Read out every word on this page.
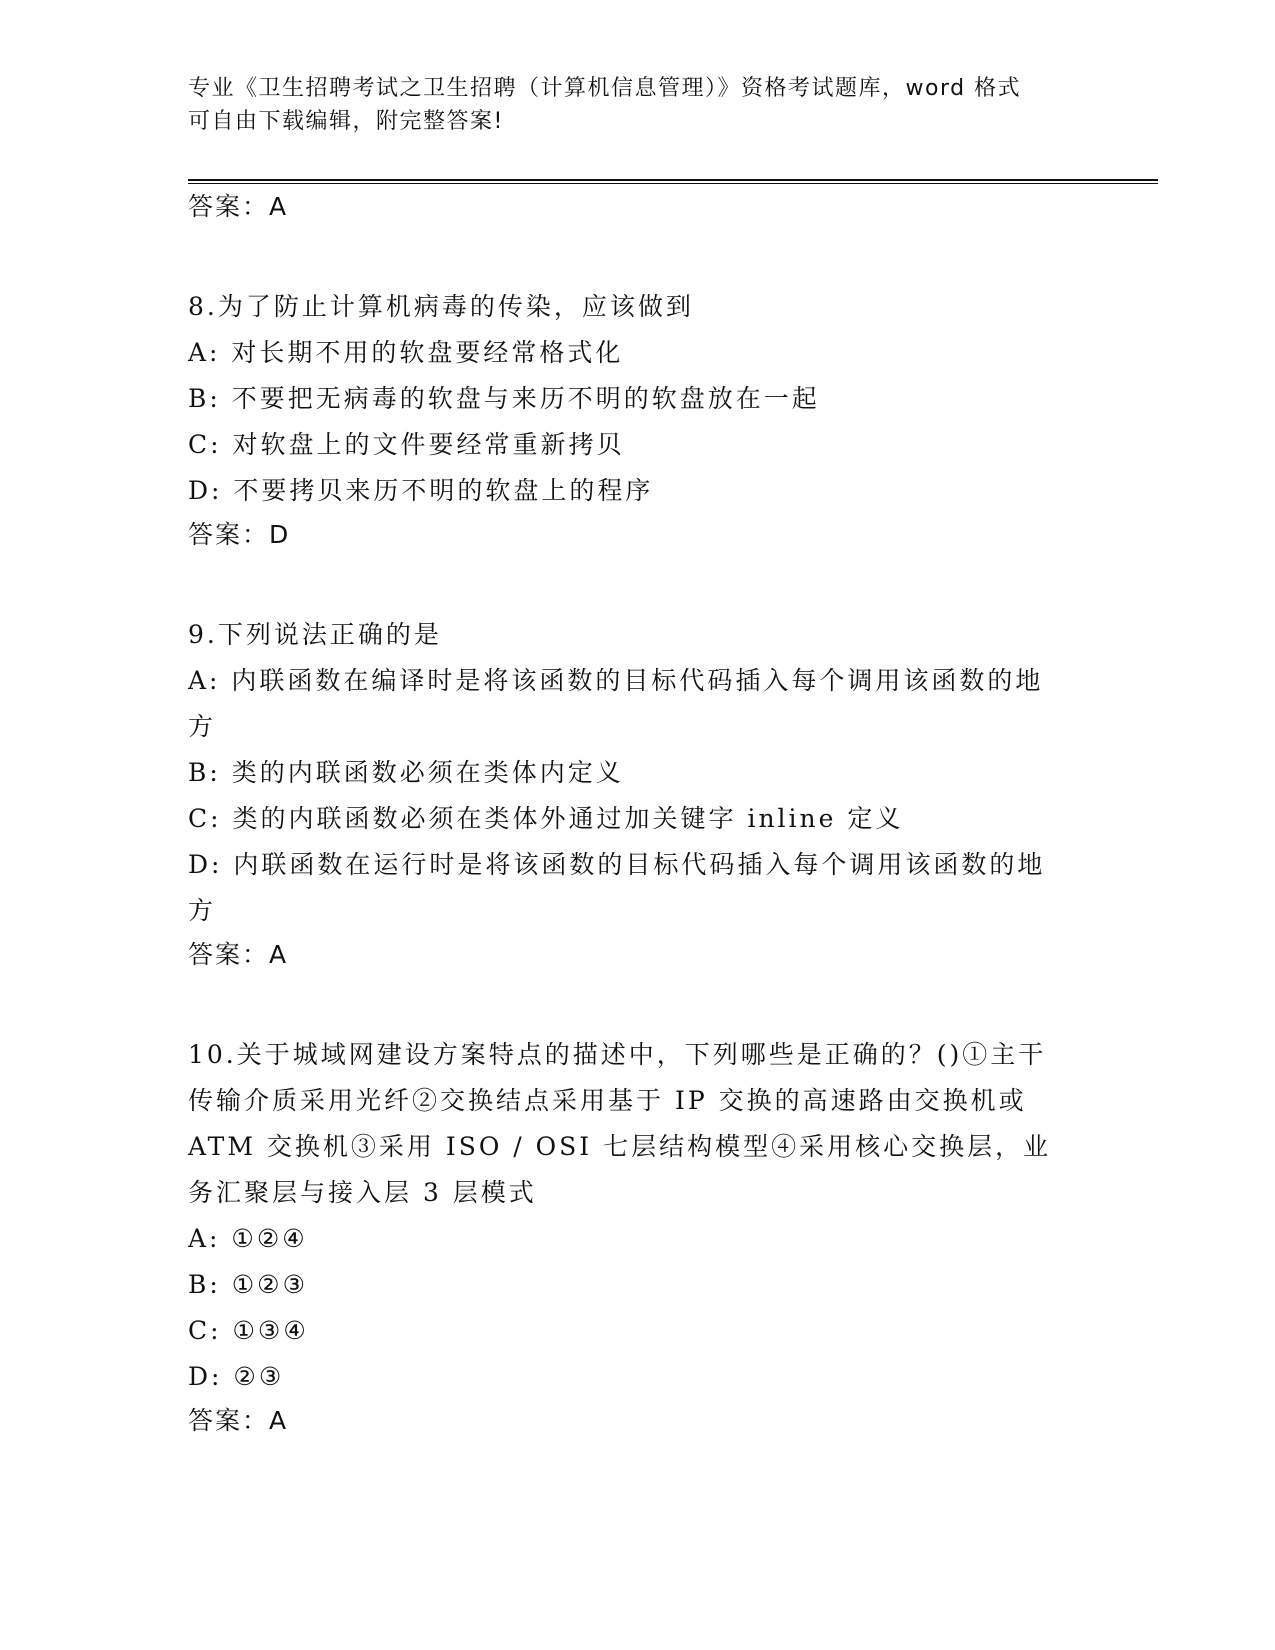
专业《卫生招聘考试之卫生招聘（计算机信息管理）》资格考试题库，word 格式
可自由下载编辑，附完整答案!
答案：A
8.为了防止计算机病毒的传染，应该做到
A: 对长期不用的软盘要经常格式化
B: 不要把无病毒的软盘与来历不明的软盘放在一起
C: 对软盘上的文件要经常重新拷贝
D: 不要拷贝来历不明的软盘上的程序
答案：D
9.下列说法正确的是
A: 内联函数在编译时是将该函数的目标代码插入每个调用该函数的地方
B: 类的内联函数必须在类体内定义
C: 类的内联函数必须在类体外通过加关键字 inline 定义
D: 内联函数在运行时是将该函数的目标代码插入每个调用该函数的地方
答案：A
10.关于城域网建设方案特点的描述中，下列哪些是正确的？()①主干传输介质采用光纤②交换结点采用基于 IP 交换的高速路由交换机或 ATM 交换机③采用 ISO / OSI 七层结构模型④采用核心交换层，业务汇聚层与接入层 3 层模式
A: ①②④
B: ①②③
C: ①③④
D: ②③
答案：A
